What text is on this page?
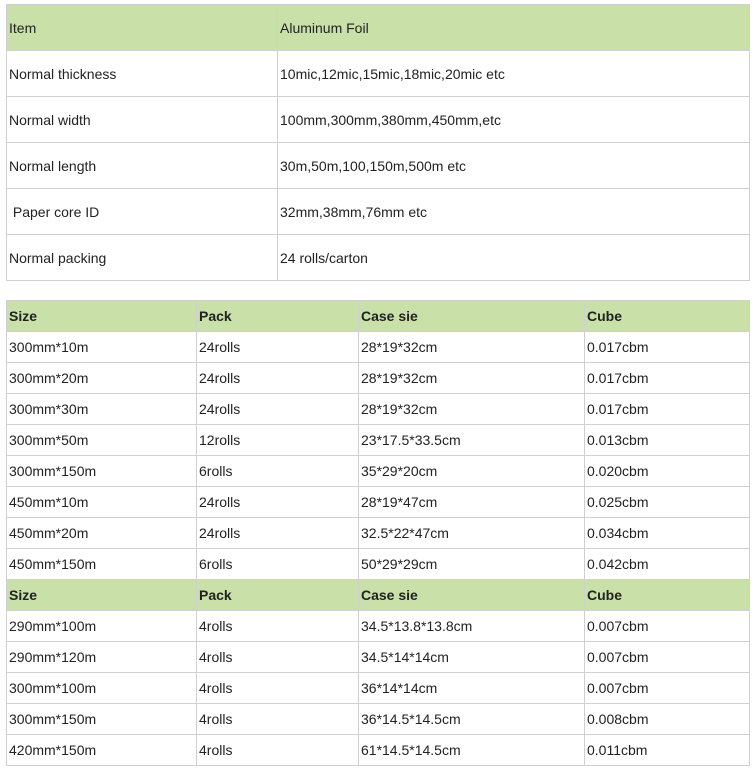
Item	Aluminum Foil
Normal thickness	10mic,12mic,15mic,18mic,20mic etc
Normal width	100mm,300mm,380mm,450mm,etc
Normal length	30m,50m,100,150m,500m etc
Paper core ID	32mm,38mm,76mm etc
Normal packing	24 rolls/carton
Size	Pack	Case sie	Cube
300mm*10m	24rolls	28*19*32cm	0.017cbm
300mm*20m	24rolls	28*19*32cm	0.017cbm
300mm*30m	24rolls	28*19*32cm	0.017cbm
300mm*50m	12rolls	23*17.5*33.5cm	0.013cbm
300mm*150m	6rolls	35*29*20cm	0.020cbm
450mm*10m	24rolls	28*19*47cm	0.025cbm
450mm*20m	24rolls	32.5*22*47cm	0.034cbm
450mm*150m	6rolls	50*29*29cm	0.042cbm
Size	Pack	Case sie	Cube
290mm*100m	4rolls	34.5*13.8*13.8cm	0.007cbm
290mm*120m	4rolls	34.5*14*14cm	0.007cbm
300mm*100m	4rolls	36*14*14cm	0.007cbm
300mm*150m	4rolls	36*14.5*14.5cm	0.008cbm
420mm*150m	4rolls	61*14.5*14.5cm	0.011cbm
